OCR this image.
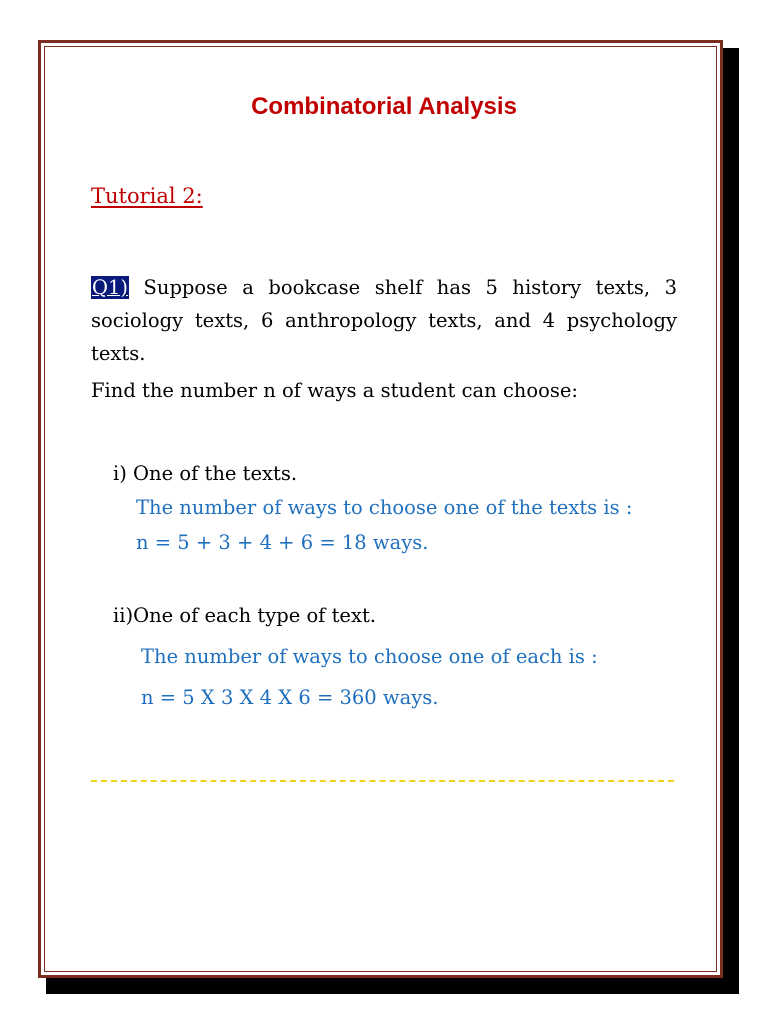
Combinatorial Analysis
Tutorial 2:
Q1) Suppose a bookcase shelf has 5 history texts, 3 sociology texts, 6 anthropology texts, and 4 psychology texts.
Find the number n of ways a student can choose:
i) One of the texts.
The number of ways to choose one of the texts is :
n = 5 + 3 + 4 + 6 = 18 ways.
ii)One of each type of text.
The number of ways to choose one of each is :
n = 5 X 3 X 4 X 6 = 360 ways.
